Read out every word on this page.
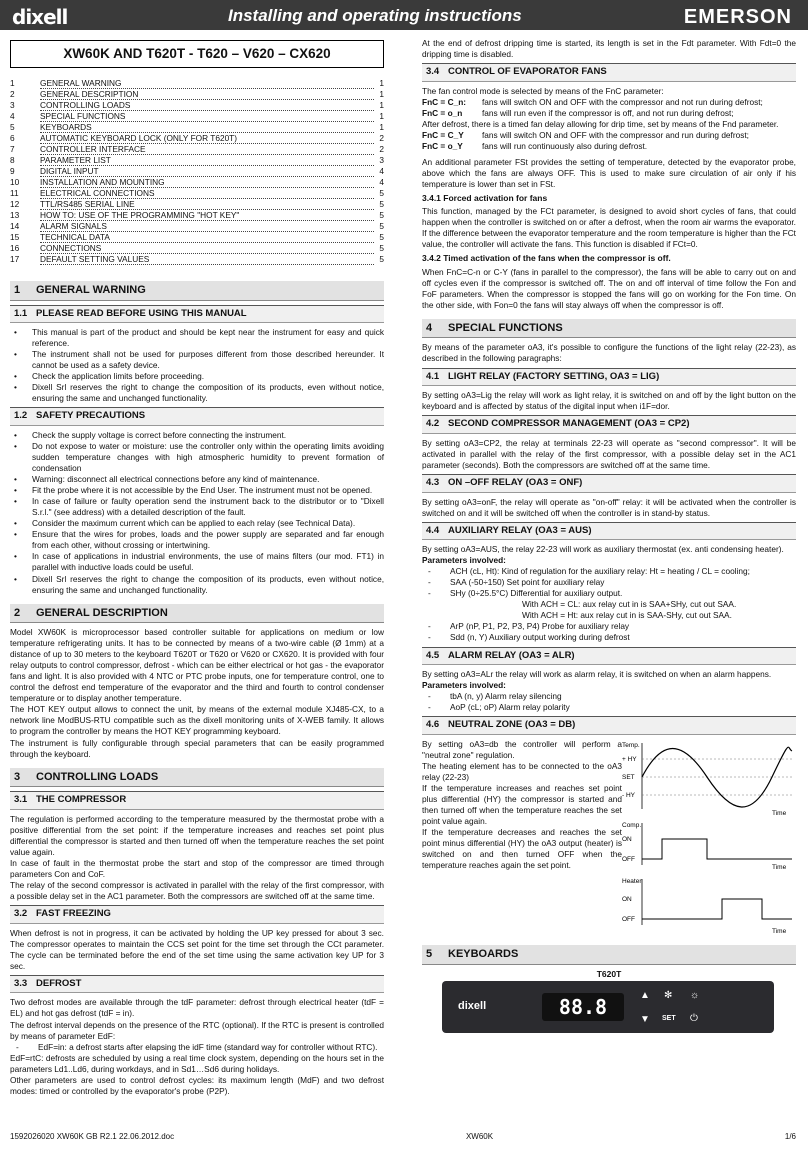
dixell	Installing and operating instructions	EMERSON
XW60K AND T620T - T620 – V620 – CX620
1	GENERAL WARNING	1
2	GENERAL DESCRIPTION	1
3	CONTROLLING LOADS	1
4	SPECIAL FUNCTIONS	1
5	KEYBOARDS	1
6	AUTOMATIC KEYBOARD LOCK (ONLY FOR T620T)	2
7	CONTROLLER INTERFACE	2
8	PARAMETER LIST	3
9	DIGITAL INPUT	4
10	INSTALLATION AND MOUNTING	4
11	ELECTRICAL CONNECTIONS	5
12	TTL/RS485 SERIAL LINE	5
13	HOW TO: USE OF THE PROGRAMMING "HOT KEY"	5
14	ALARM SIGNALS	5
15	TECHNICAL DATA	5
16	CONNECTIONS	5
17	DEFAULT SETTING VALUES	5
1 GENERAL WARNING
1.1 PLEASE READ BEFORE USING THIS MANUAL
• This manual is part of the product and should be kept near the instrument for easy and quick reference.
• The instrument shall not be used for purposes different from those described hereunder. It cannot be used as a safety device.
• Check the application limits before proceeding.
• Dixell Srl reserves the right to change the composition of its products, even without notice, ensuring the same and unchanged functionality.
1.2 SAFETY PRECAUTIONS
• Check the supply voltage is correct before connecting the instrument.
• Do not expose to water or moisture: use the controller only within the operating limits avoiding sudden temperature changes with high atmospheric humidity to prevent formation of condensation
• Warning: disconnect all electrical connections before any kind of maintenance.
• Fit the probe where it is not accessible by the End User. The instrument must not be opened.
• In case of failure or faulty operation send the instrument back to the distributor or to "Dixell S.r.l." (see address) with a detailed description of the fault.
• Consider the maximum current which can be applied to each relay (see Technical Data).
• Ensure that the wires for probes, loads and the power supply are separated and far enough from each other, without crossing or intertwining.
• In case of applications in industrial environments, the use of mains filters (our mod. FT1) in parallel with inductive loads could be useful.
• Dixell Srl reserves the right to change the composition of its products, even without notice, ensuring the same and unchanged functionality.
2 GENERAL DESCRIPTION

Model XW60K is microprocessor based controller suitable for applications on medium or low temperature refrigerating units. It has to be connected by means of a two-wire cable (Ø 1mm) at a distance of up to 30 meters to the keyboard T620T or T620 or V620 or CX620. It is provided with four relay outputs to control compressor, defrost - which can be either electrical or hot gas - the evaporator fans and light. It is also provided with 4 NTC or PTC probe inputs, one for temperature control, one to control the defrost end temperature of the evaporator and the third and fourth to control condenser temperature or to display another temperature.

The HOT KEY output allows to connect the unit, by means of the external module XJ485-CX, to a network line ModBUS-RTU compatible such as the dixell monitoring units of X-WEB family. It allows to program the controller by means the HOT KEY programming keyboard.

The instrument is fully configurable through special parameters that can be easily programmed through the keyboard.

3 CONTROLLING LOADS
3.1 THE COMPRESSOR

The regulation is performed according to the temperature measured by the thermostat probe with a positive differential from the set point: if the temperature increases and reaches set point plus differential the compressor is started and then turned off when the temperature reaches the set point value again.

In case of fault in the thermostat probe the start and stop of the compressor are timed through parameters Con and CoF.

The relay of the second compressor is activated in parallel with the relay of the first compressor, with a possible delay set in the AC1 parameter. Both the compressors are switched off at the same time.

3.2 FAST FREEZING

When defrost is not in progress, it can be activated by holding the UP key pressed for about 3 sec. The compressor operates to maintain the CCS set point for the time set through the CCt parameter. The cycle can be terminated before the end of the set time using the same activation key UP for 3 sec.

3.3 DEFROST

Two defrost modes are available through the tdF parameter: defrost through electrical heater (tdF = EL) and hot gas defrost (tdF = in).

The defrost interval depends on the presence of the RTC (optional). If the RTC is present is controlled by means of parameter EdF:

- EdF=in: a defrost starts after elapsing the idF time (standard way for controller without RTC).

EdF=rtC: defrosts are scheduled by using a real time clock system, depending on the hours set in the parameters Ld1..Ld6, during workdays, and in Sd1…Sd6 during holidays.

Other parameters are used to control defrost cycles: its maximum length (MdF) and two defrost modes: timed or controlled by the evaporator's probe (P2P).

At the end of defrost dripping time is started, its length is set in the Fdt parameter. With Fdt=0 the dripping time is disabled.

3.4 CONTROL OF EVAPORATOR FANS

The fan control mode is selected by means of the FnC parameter:

FnC = C_n: fans will switch ON and OFF with the compressor and not run during defrost;
FnC = o_n fans will run even if the compressor is off, and not run during defrost;
After defrost, there is a timed fan delay allowing for drip time, set by means of the Fnd parameter.
FnC = C_Y fans will switch ON and OFF with the compressor and run during defrost;
FnC = o_Y fans will run continuously also during defrost.

An additional parameter FSt provides the setting of temperature, detected by the evaporator probe, above which the fans are always OFF. This is used to make sure circulation of air only if his temperature is lower than set in FSt.

3.4.1 Forced activation for fans

This function, managed by the FCt parameter, is designed to avoid short cycles of fans, that could happen when the controller is switched on or after a defrost, when the room air warms the evaporator. If the difference between the evaporator temperature and the room temperature is higher than the FCt value, the controller will activate the fans. This function is disabled if FCt=0.

3.4.2 Timed activation of the fans when the compressor is off.

When FnC=C-n or C-Y (fans in parallel to the compressor), the fans will be able to carry out on and off cycles even if the compressor is switched off. The on and off interval of time follow the Fon and FoF parameters. When the compressor is stopped the fans will go on working for the Fon time. On the other side, with Fon=0 the fans will stay always off when the compressor is off.

4 SPECIAL FUNCTIONS

By means of the parameter oA3, it's possible to configure the functions of the light relay (22-23), as described in the following paragraphs:

4.1 LIGHT RELAY (FACTORY SETTING, OA3 = LIG)

By setting oA3=Lig the relay will work as light relay, it is switched on and off by the light button on the keyboard and is affected by status of the digital input when i1F=dor.

4.2 SECOND COMPRESSOR MANAGEMENT (OA3 = CP2)

By setting oA3=CP2, the relay at terminals 22-23 will operate as "second compressor". It will be activated in parallel with the relay of the first compressor, with a possible delay set in the AC1 parameter (seconds). Both the compressors are switched off at the same time.

4.3 ON –OFF RELAY (OA3 = ONF)

By setting oA3=onF, the relay will operate as "on-off" relay: it will be activated when the controller is switched on and it will be switched off when the controller is in stand-by status.

4.4 AUXILIARY RELAY (OA3 = AUS)

By setting oA3=AUS, the relay 22-23 will work as auxiliary thermostat (ex. anti condensing heater).

Parameters involved:
- ACH (cL, Ht): Kind of regulation for the auxiliary relay: Ht = heating / CL = cooling;
- SAA (-50÷150) Set point for auxiliary relay
- SHy (0÷25.5°C) Differential for auxiliary output.
With ACH = CL: aux relay cut in is SAA+SHy, cut out SAA.
With ACH = Ht: aux relay cut in is SAA-SHy, cut out SAA.
- ArP (nP, P1, P2, P3, P4) Probe for auxiliary relay
- Sdd (n, Y) Auxiliary output working during defrost
4.5 ALARM RELAY (OA3 = ALR)

By setting oA3=ALr the relay will work as alarm relay, it is switched on when an alarm happens.

Parameters involved:
- tbA (n, y) Alarm relay silencing
- AoP (cL; oP) Alarm relay polarity
4.6 NEUTRAL ZONE (OA3 = DB)

By setting oA3=db the controller will perform a "neutral zone" regulation.

The heating element has to be connected to the oA3 relay (22-23)

If the temperature increases and reaches set point plus differential (HY) the compressor is started and then turned off when the temperature reaches the set point value again.

If the temperature decreases and reaches the set point minus differential (HY) the oA3 output (heater) is switched on and then turned OFF when the temperature reaches again the set point.

Temp.
+ HY
SET
- HY
Time
Comp.
ON
OFF
Time
Heater
ON
OFF
Time
5 KEYBOARDS
T620T
dixell	88.8	▲ ✻ ☼
▼ SET ⏻
1592026020 XW60K GB R2.1 22.06.2012.doc	XW60K	1/6
